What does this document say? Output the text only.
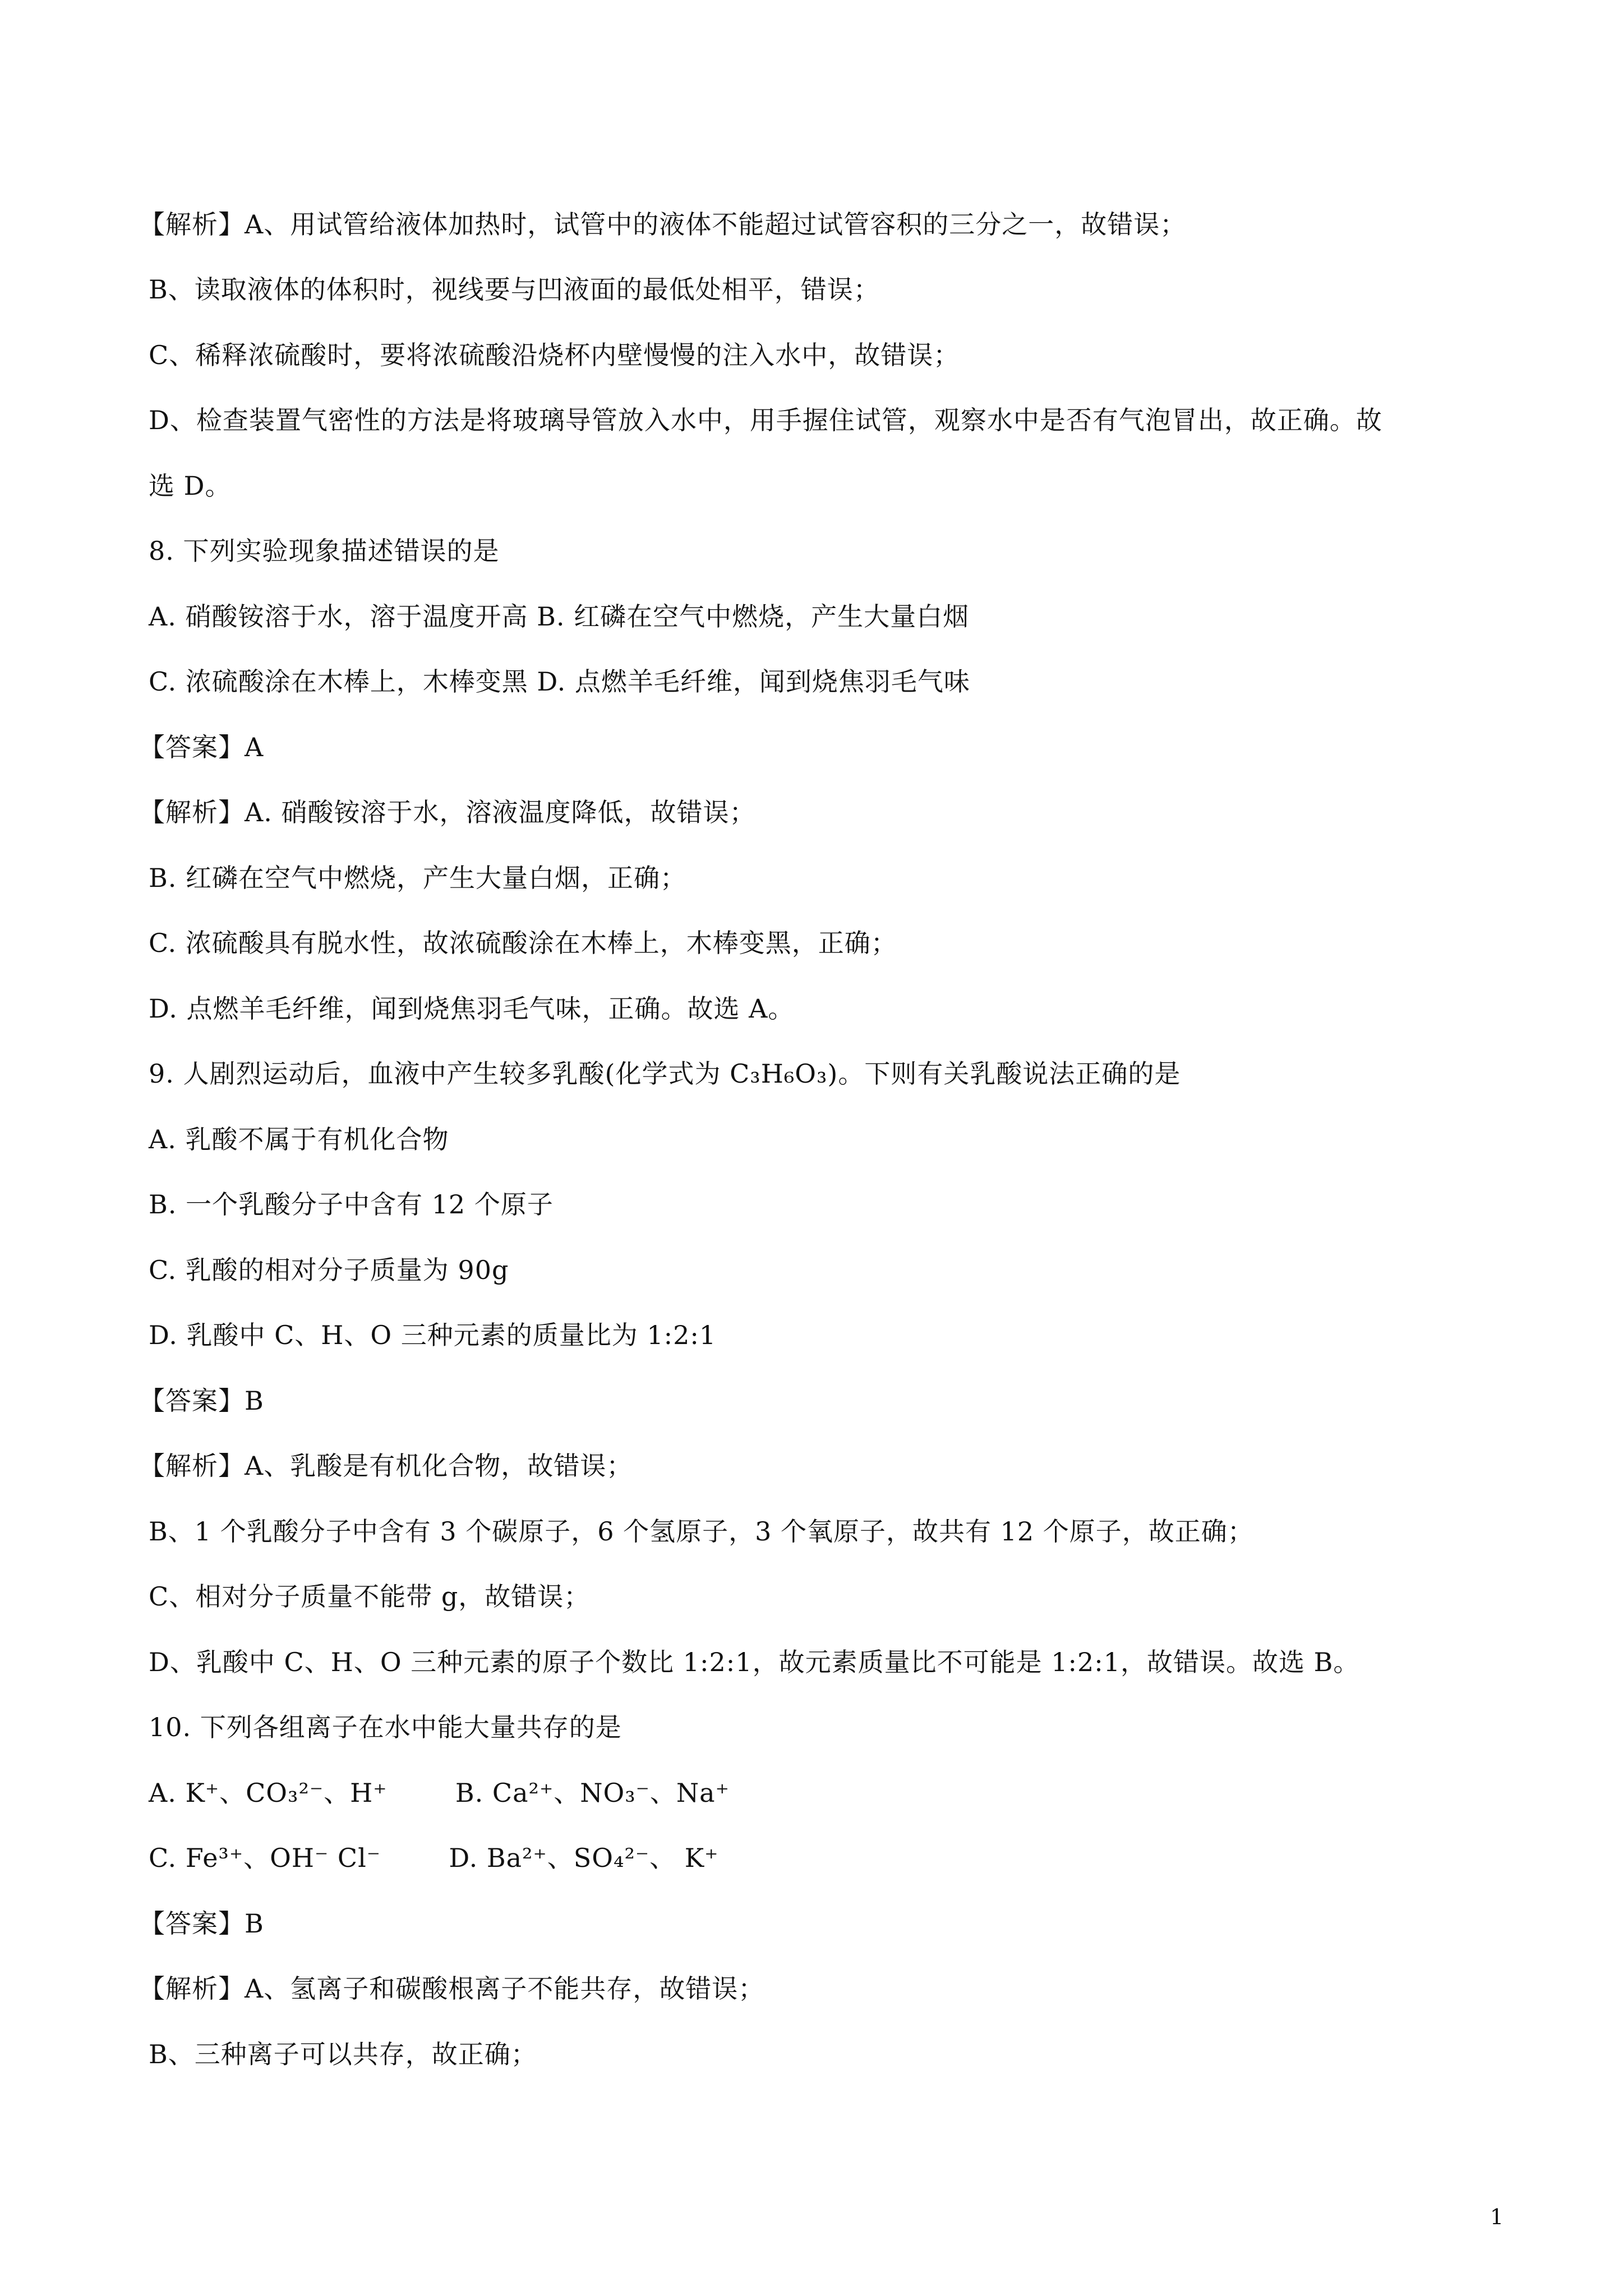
【解析】A、用试管给液体加热时，试管中的液体不能超过试管容积的三分之一，故错误；
B、读取液体的体积时，视线要与凹液面的最低处相平，错误；
C、稀释浓硫酸时，要将浓硫酸沿烧杯内壁慢慢的注入水中，故错误；
D、检查装置气密性的方法是将玻璃导管放入水中，用手握住试管，观察水中是否有气泡冒出，故正确。故
选 D。
8. 下列实验现象描述错误的是
A. 硝酸铵溶于水，溶于温度开高 B. 红磷在空气中燃烧，产生大量白烟
C. 浓硫酸涂在木棒上，木棒变黑 D. 点燃羊毛纤维，闻到烧焦羽毛气味
【答案】A
【解析】A. 硝酸铵溶于水，溶液温度降低，故错误；
B. 红磷在空气中燃烧，产生大量白烟，正确；
C. 浓硫酸具有脱水性，故浓硫酸涂在木棒上，木棒变黑，正确；
D. 点燃羊毛纤维，闻到烧焦羽毛气味，正确。故选 A。
9. 人剧烈运动后，血液中产生较多乳酸(化学式为 C₃H₆O₃)。下则有关乳酸说法正确的是
A. 乳酸不属于有机化合物
B. 一个乳酸分子中含有 12 个原子
C. 乳酸的相对分子质量为 90g
D. 乳酸中 C、H、O 三种元素的质量比为 1:2:1
【答案】B
【解析】A、乳酸是有机化合物，故错误；
B、1 个乳酸分子中含有 3 个碳原子，6 个氢原子，3 个氧原子，故共有 12 个原子，故正确；
C、相对分子质量不能带 g，故错误；
D、乳酸中 C、H、O 三种元素的原子个数比 1:2:1，故元素质量比不可能是 1:2:1，故错误。故选 B。
10. 下列各组离子在水中能大量共存的是
A. K⁺、CO₃²⁻、H⁺	B. Ca²⁺、NO₃⁻、Na⁺
C. Fe³⁺、OH⁻ Cl⁻	D. Ba²⁺、SO₄²⁻、 K⁺
【答案】B
【解析】A、氢离子和碳酸根离子不能共存，故错误；
B、三种离子可以共存，故正确；
1
